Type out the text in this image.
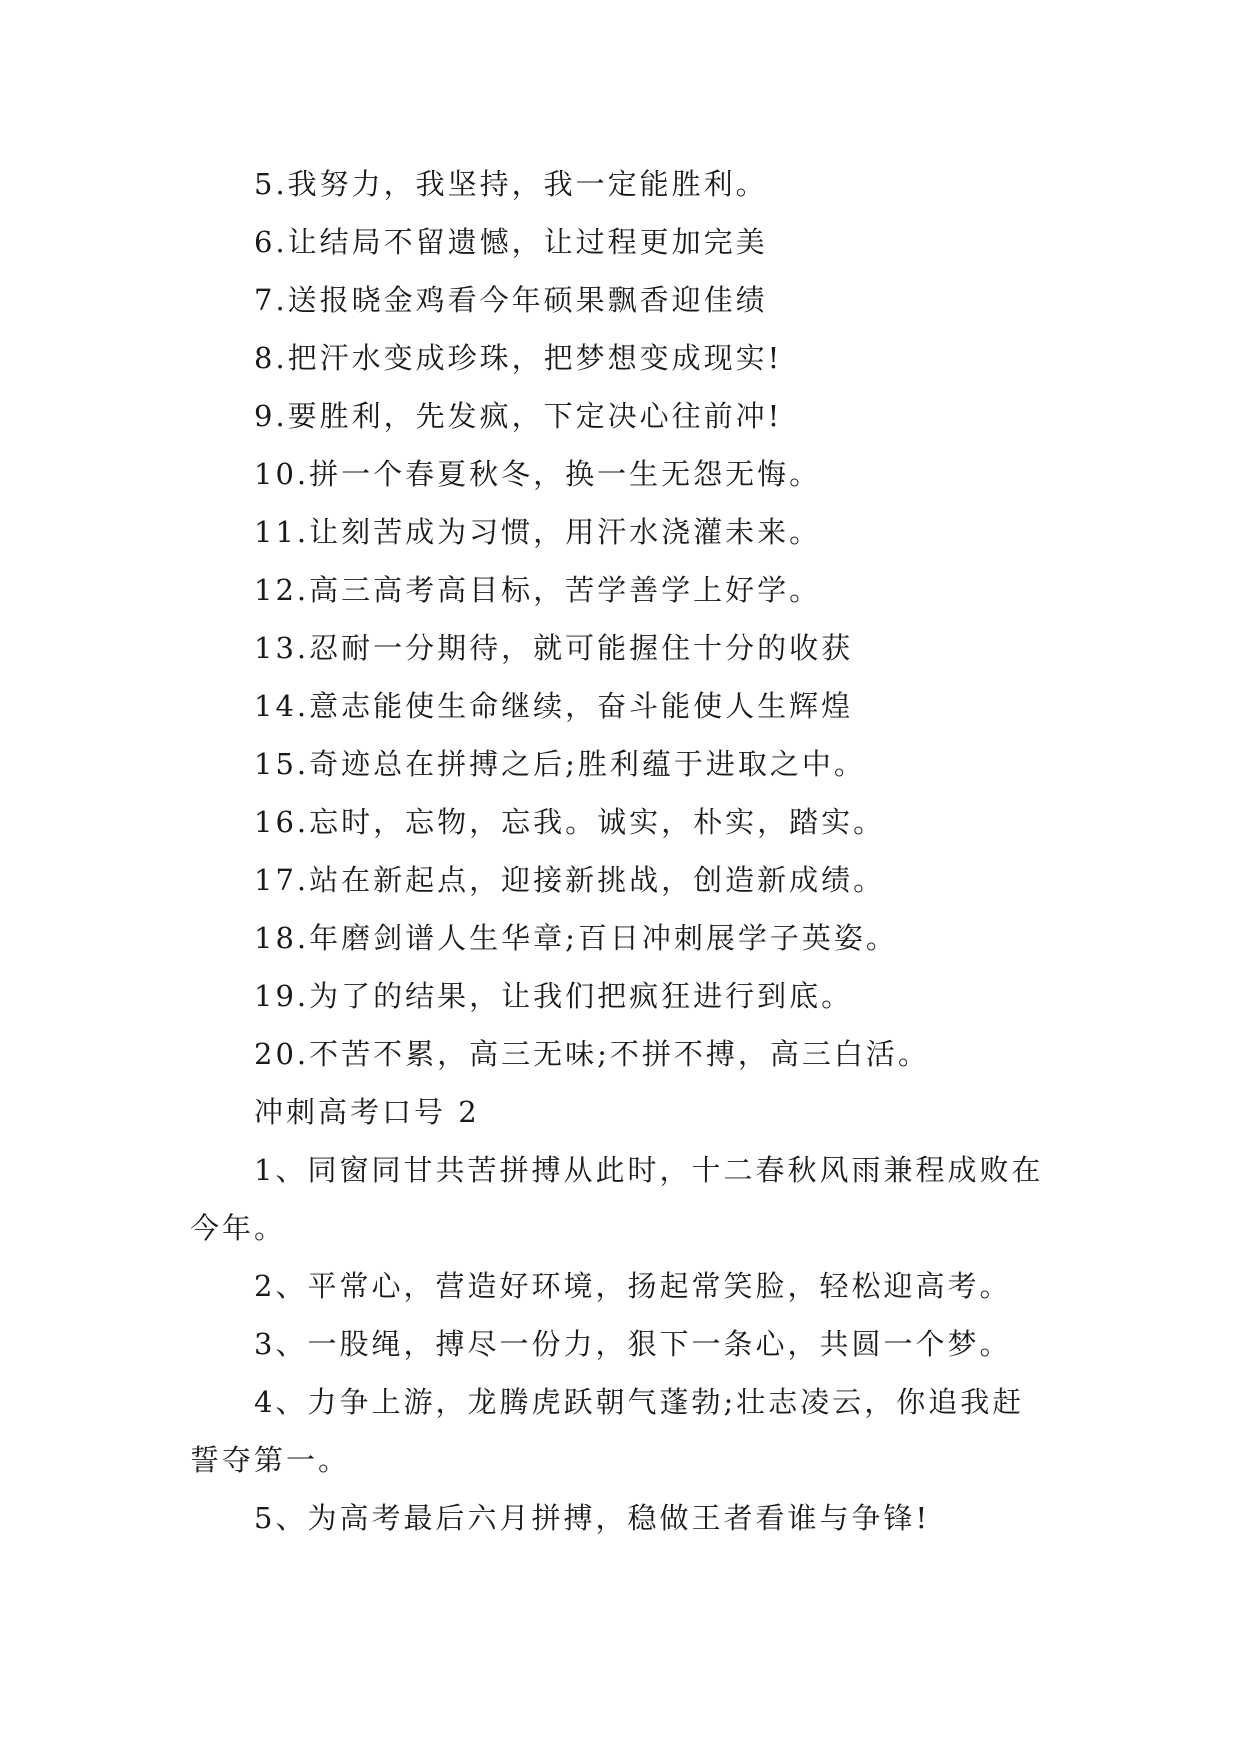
5.我努力，我坚持，我一定能胜利。
6.让结局不留遗憾，让过程更加完美
7.送报晓金鸡看今年硕果飘香迎佳绩
8.把汗水变成珍珠，把梦想变成现实!
9.要胜利，先发疯，下定决心往前冲!
10.拼一个春夏秋冬，换一生无怨无悔。
11.让刻苦成为习惯，用汗水浇灌未来。
12.高三高考高目标，苦学善学上好学。
13.忍耐一分期待，就可能握住十分的收获
14.意志能使生命继续，奋斗能使人生辉煌
15.奇迹总在拼搏之后;胜利蕴于进取之中。
16.忘时，忘物，忘我。诚实，朴实，踏实。
17.站在新起点，迎接新挑战，创造新成绩。
18.年磨剑谱人生华章;百日冲刺展学子英姿。
19.为了的结果，让我们把疯狂进行到底。
20.不苦不累，高三无味;不拼不搏，高三白活。
冲刺高考口号 2
1、同窗同甘共苦拼搏从此时，十二春秋风雨兼程成败在今年。
2、平常心，营造好环境，扬起常笑脸，轻松迎高考。
3、一股绳，搏尽一份力，狠下一条心，共圆一个梦。
4、力争上游，龙腾虎跃朝气蓬勃;壮志凌云，你追我赶誓夺第一。
5、为高考最后六月拼搏，稳做王者看谁与争锋!
